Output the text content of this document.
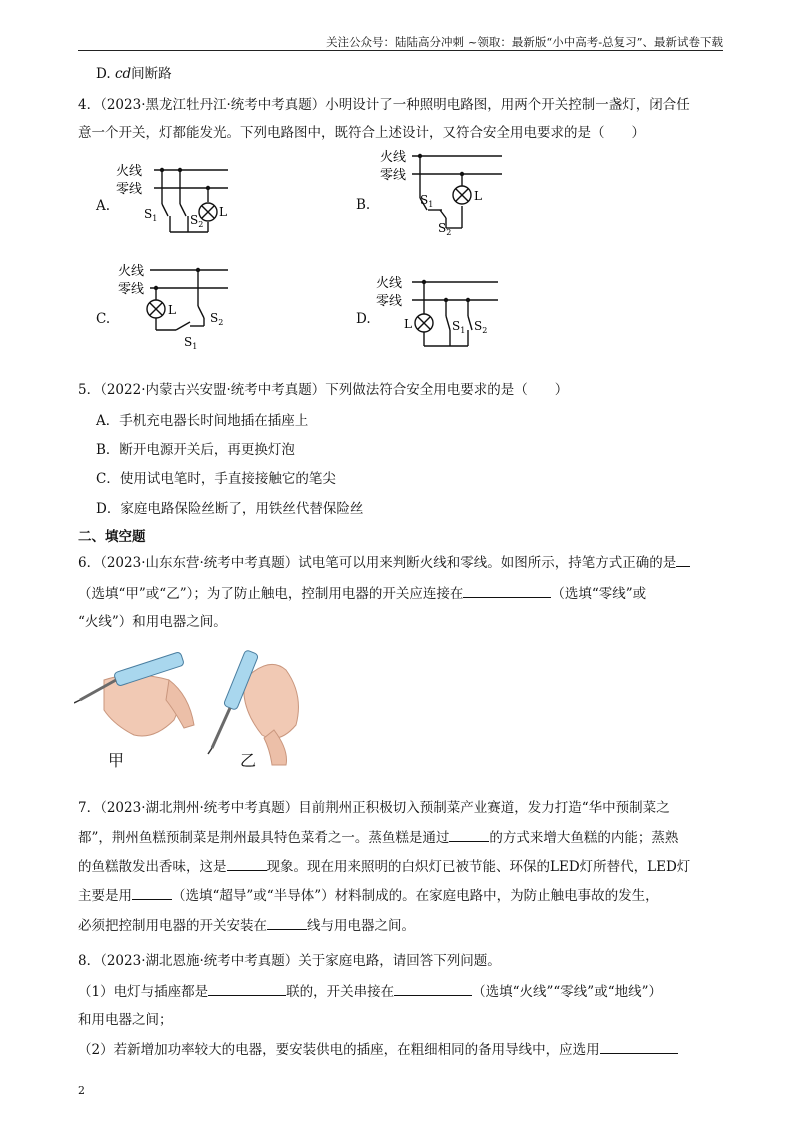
关注公众号：陆陆高分冲刺 ~领取：最新版“小中高考-总复习”、最新试卷下载
D. cd间断路
4．（2023·黑龙江牡丹江·统考中考真题）小明设计了一种照明电路图，用两个开关控制一盏灯，闭合任
意一个开关，灯都能发光。下列电路图中，既符合上述设计，又符合安全用电要求的是（　　）
A.	B.
C.	D.
火线
零线
$S_1$	$S_2$
L
火线
零线
$S_1$
$S_2$
L
火线
零线
L
$S_2$
$S_1$
火线
零线
L	$S_1$ $S_2$
5．（2022·内蒙古兴安盟·统考中考真题）下列做法符合安全用电要求的是（　　）
A．手机充电器长时间地插在插座上
B．断开电源开关后，再更换灯泡
C．使用试电笔时，手直接接触它的笔尖
D．家庭电路保险丝断了，用铁丝代替保险丝
二、填空题
6．（2023·山东东营·统考中考真题）试电笔可以用来判断火线和零线。如图所示，持笔方式正确的是
（选填“甲”或“乙”）；为了防止触电，控制用电器的开关应连接在	（选填“零线”或
“火线”）和用电器之间。
甲	乙
7．（2023·湖北荆州·统考中考真题）目前荆州正积极切入预制菜产业赛道，发力打造“华中预制菜之
都”，荆州鱼糕预制菜是荆州最具特色菜肴之一。蒸鱼糕是通过	的方式来增大鱼糕的内能；蒸熟
的鱼糕散发出香味，这是	现象。现在用来照明的白炽灯已被节能、环保的LED灯所替代，LED灯
主要是用	（选填“超导”或“半导体”）材料制成的。在家庭电路中，为防止触电事故的发生，
必须把控制用电器的开关安装在	线与用电器之间。
8．（2023·湖北恩施·统考中考真题）关于家庭电路，请回答下列问题。
（1）电灯与插座都是	联的，开关串接在	（选填“火线”“零线”或“地线”）
和用电器之间；
（2）若新增加功率较大的电器，要安装供电的插座，在粗细相同的备用导线中，应选用
2
